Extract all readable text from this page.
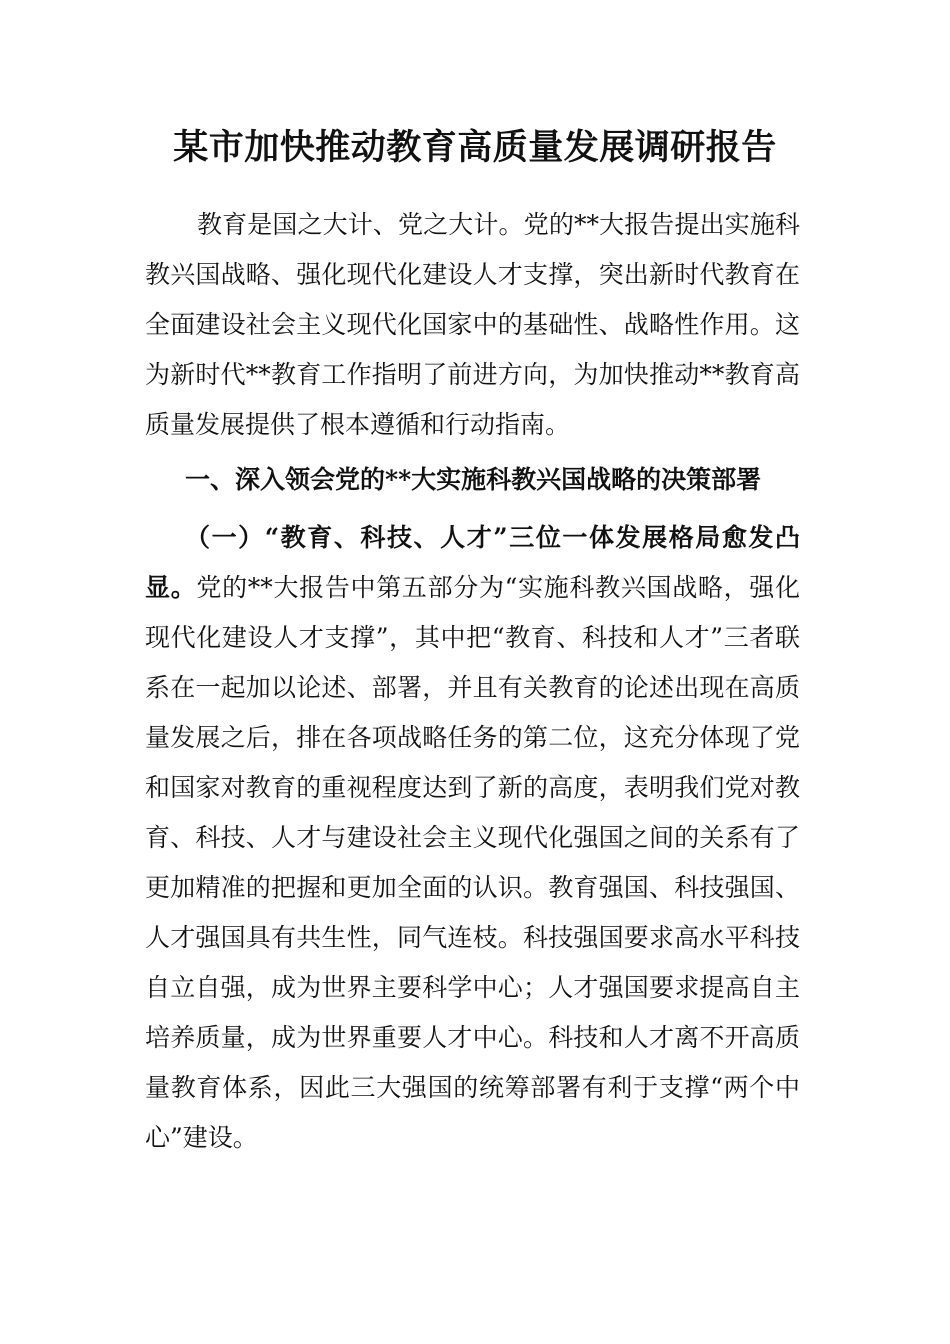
某市加快推动教育高质量发展调研报告

教育是国之大计、党之大计。党的**大报告提出实施科教兴国战略、强化现代化建设人才支撑，突出新时代教育在全面建设社会主义现代化国家中的基础性、战略性作用。这为新时代**教育工作指明了前进方向，为加快推动**教育高质量发展提供了根本遵循和行动指南。

一、深入领会党的**大实施科教兴国战略的决策部署

（一）“教育、科技、人才”三位一体发展格局愈发凸显。党的**大报告中第五部分为“实施科教兴国战略，强化现代化建设人才支撑”，其中把“教育、科技和人才”三者联系在一起加以论述、部署，并且有关教育的论述出现在高质量发展之后，排在各项战略任务的第二位，这充分体现了党和国家对教育的重视程度达到了新的高度，表明我们党对教育、科技、人才与建设社会主义现代化强国之间的关系有了更加精准的把握和更加全面的认识。教育强国、科技强国、人才强国具有共生性，同气连枝。科技强国要求高水平科技自立自强，成为世界主要科学中心；人才强国要求提高自主培养质量，成为世界重要人才中心。科技和人才离不开高质量教育体系，因此三大强国的统筹部署有利于支撑“两个中心”建设。
